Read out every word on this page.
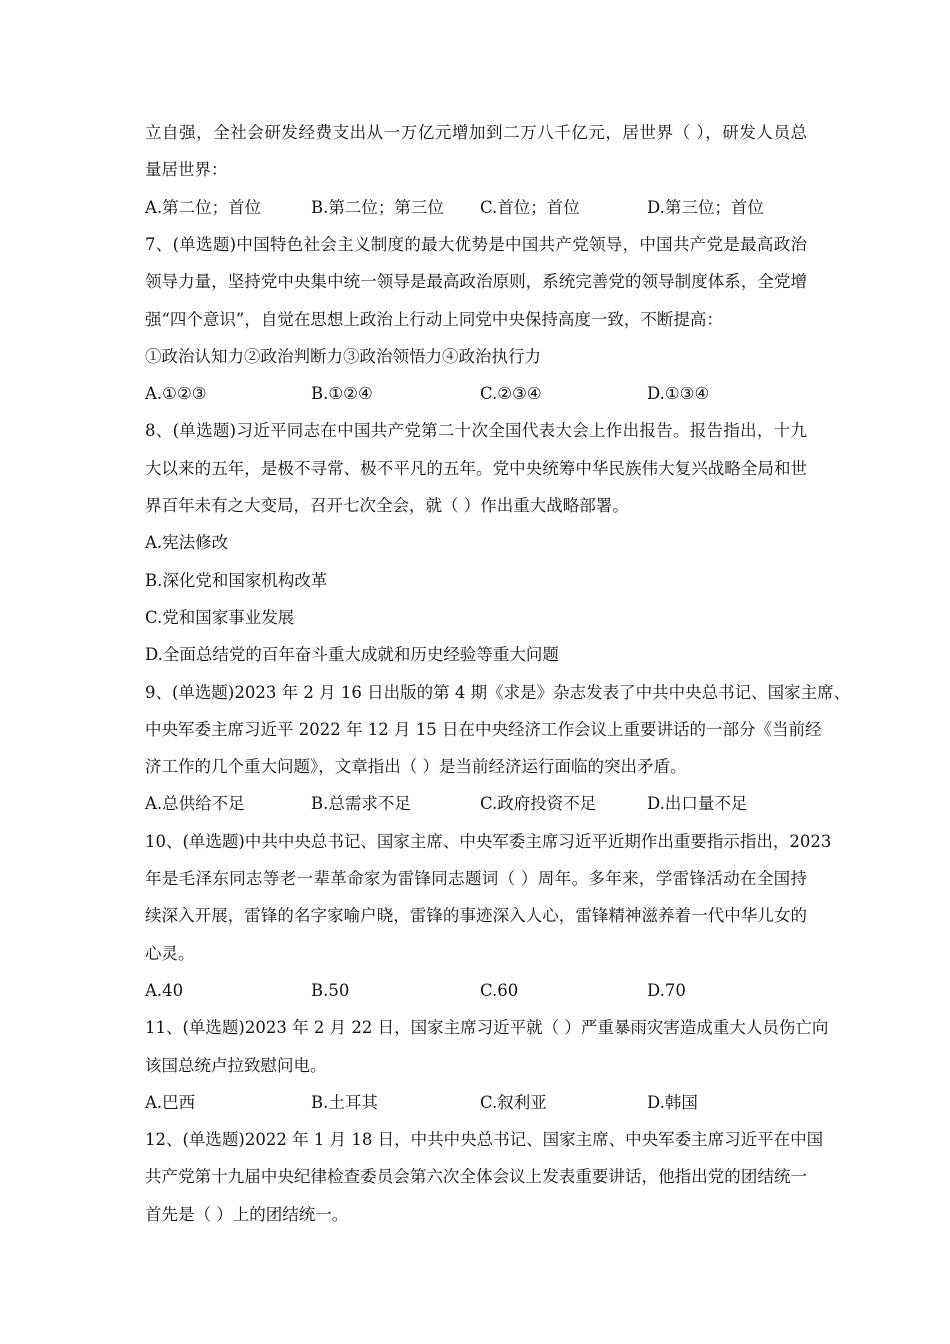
立自强，全社会研发经费支出从一万亿元增加到二万八千亿元，居世界（ ），研发人员总
量居世界：
A.第二位；首位	B.第二位；第三位 C.首位；首位	D.第三位；首位
7、(单选题)中国特色社会主义制度的最大优势是中国共产党领导，中国共产党是最高政治
领导力量，坚持党中央集中统一领导是最高政治原则，系统完善党的领导制度体系，全党增
强“四个意识”，自觉在思想上政治上行动上同党中央保持高度一致，不断提高：
①政治认知力②政治判断力③政治领悟力④政治执行力
A.①②③	B.①②④	C.②③④	D.①③④
8、(单选题)习近平同志在中国共产党第二十次全国代表大会上作出报告。报告指出，十九
大以来的五年，是极不寻常、极不平凡的五年。党中央统筹中华民族伟大复兴战略全局和世
界百年未有之大变局，召开七次全会，就（ ）作出重大战略部署。
A.宪法修改
B.深化党和国家机构改革
C.党和国家事业发展
D.全面总结党的百年奋斗重大成就和历史经验等重大问题
9、(单选题)2023 年 2 月 16 日出版的第 4 期《求是》杂志发表了中共中央总书记、国家主席、
中央军委主席习近平 2022 年 12 月 15 日在中央经济工作会议上重要讲话的一部分《当前经
济工作的几个重大问题》，文章指出（ ）是当前经济运行面临的突出矛盾。
A.总供给不足	B.总需求不足	C.政府投资不足	D.出口量不足
10、(单选题)中共中央总书记、国家主席、中央军委主席习近平近期作出重要指示指出，2023
年是毛泽东同志等老一辈革命家为雷锋同志题词（ ）周年。多年来，学雷锋活动在全国持
续深入开展，雷锋的名字家喻户晓，雷锋的事迹深入人心，雷锋精神滋养着一代中华儿女的
心灵。
A.40	B.50	C.60	D.70
11、(单选题)2023 年 2 月 22 日，国家主席习近平就（ ）严重暴雨灾害造成重大人员伤亡向
该国总统卢拉致慰问电。
A.巴西	B.土耳其	C.叙利亚	D.韩国
12、(单选题)2022 年 1 月 18 日，中共中央总书记、国家主席、中央军委主席习近平在中国
共产党第十九届中央纪律检查委员会第六次全体会议上发表重要讲话，他指出党的团结统一
首先是（ ）上的团结统一。
